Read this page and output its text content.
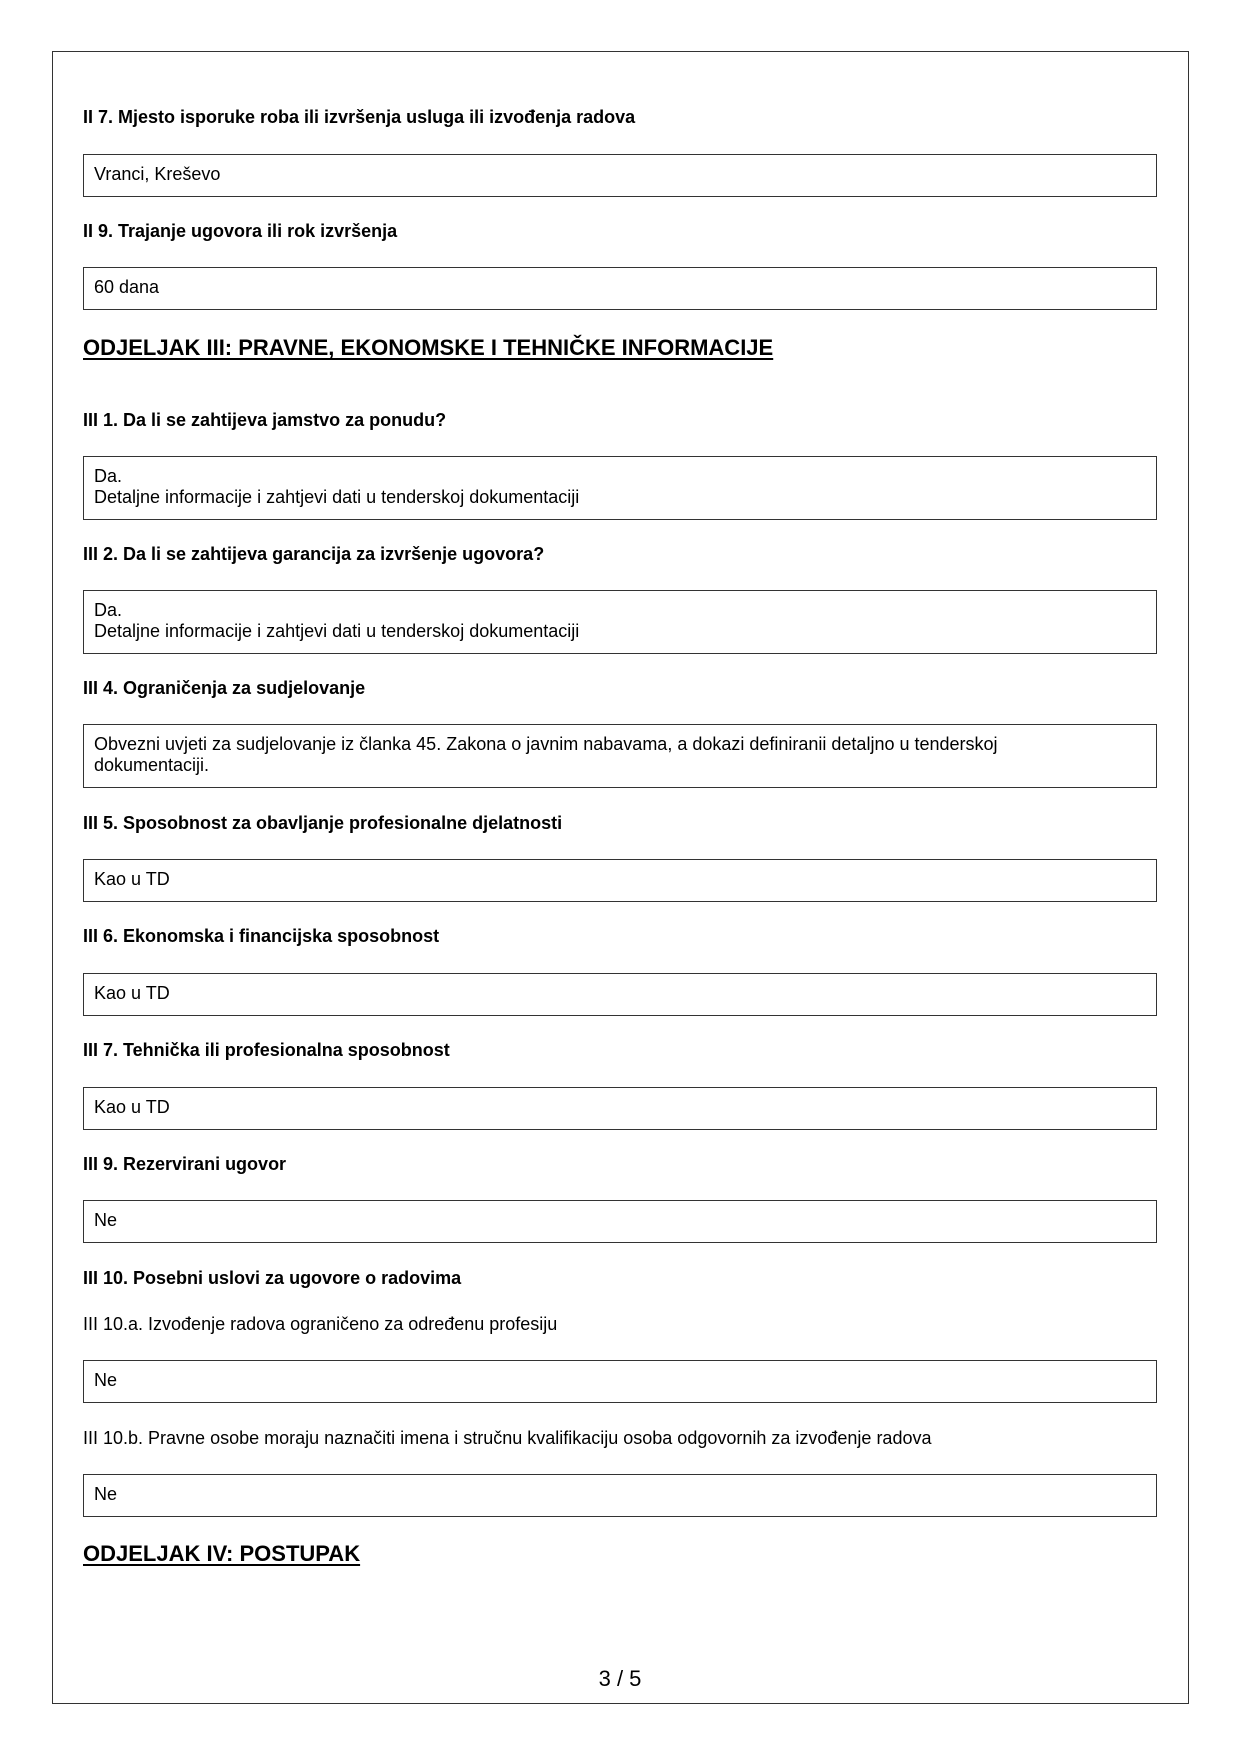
II 7. Mjesto isporuke roba ili izvršenja usluga ili izvođenja radova
Vranci, Kreševo
II 9. Trajanje ugovora ili rok izvršenja
60 dana
ODJELJAK III: PRAVNE, EKONOMSKE I TEHNIČKE INFORMACIJE
III 1. Da li se zahtijeva jamstvo za ponudu?
Da.
Detaljne informacije i zahtjevi dati u tenderskoj dokumentaciji
III 2. Da li se zahtijeva garancija za izvršenje ugovora?
Da.
Detaljne informacije i zahtjevi dati u tenderskoj dokumentaciji
III 4. Ograničenja za sudjelovanje
Obvezni uvjeti za sudjelovanje iz članka 45. Zakona o javnim nabavama, a dokazi definiranii detaljno u tenderskoj
dokumentaciji.
III 5. Sposobnost za obavljanje profesionalne djelatnosti
Kao u TD
III 6. Ekonomska i financijska sposobnost
Kao u TD
III 7. Tehnička ili profesionalna sposobnost
Kao u TD
III 9. Rezervirani ugovor
Ne
III 10. Posebni uslovi za ugovore o radovima
III 10.a. Izvođenje radova ograničeno za određenu profesiju
Ne
III 10.b. Pravne osobe moraju naznačiti imena i stručnu kvalifikaciju osoba odgovornih za izvođenje radova
Ne
ODJELJAK IV: POSTUPAK
3 / 5
